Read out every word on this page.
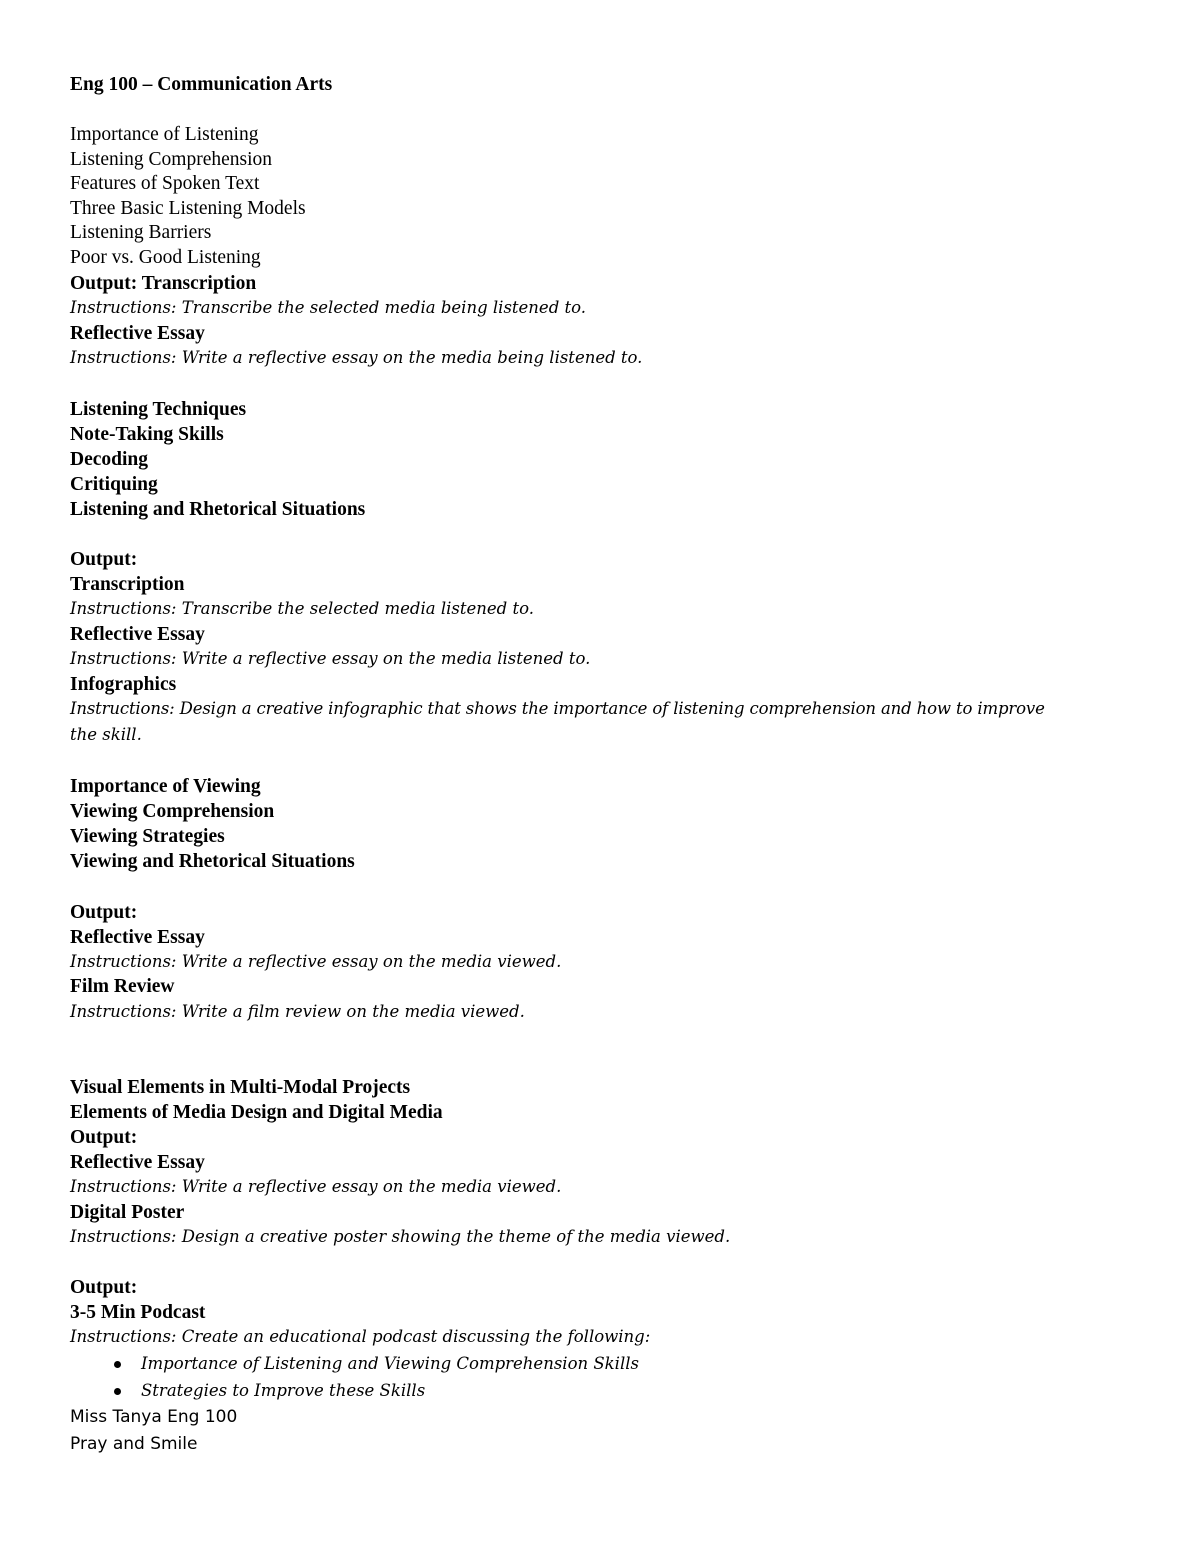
Eng 100 – Communication Arts
Importance of Listening
Listening Comprehension
Features of Spoken Text
Three Basic Listening Models
Listening Barriers
Poor vs. Good Listening
Output: Transcription
Instructions: Transcribe the selected media being listened to.
Reflective Essay
Instructions: Write a reflective essay on the media being listened to.
Listening Techniques
Note-Taking Skills
Decoding
Critiquing
Listening and Rhetorical Situations
Output:
Transcription
Instructions: Transcribe the selected media listened to.
Reflective Essay
Instructions: Write a reflective essay on the media listened to.
Infographics
Instructions: Design a creative infographic that shows the importance of listening comprehension and how to improve
the skill.
Importance of Viewing
Viewing Comprehension
Viewing Strategies
Viewing and Rhetorical Situations
Output:
Reflective Essay
Instructions: Write a reflective essay on the media viewed.
Film Review
Instructions: Write a film review on the media viewed.
Visual Elements in Multi-Modal Projects
Elements of Media Design and Digital Media
Output:
Reflective Essay
Instructions: Write a reflective essay on the media viewed.
Digital Poster
Instructions: Design a creative poster showing the theme of the media viewed.
Output:
3-5 Min Podcast
Instructions: Create an educational podcast discussing the following:
Importance of Listening and Viewing Comprehension Skills
Strategies to Improve these Skills
Miss Tanya Eng 100
Pray and Smile
